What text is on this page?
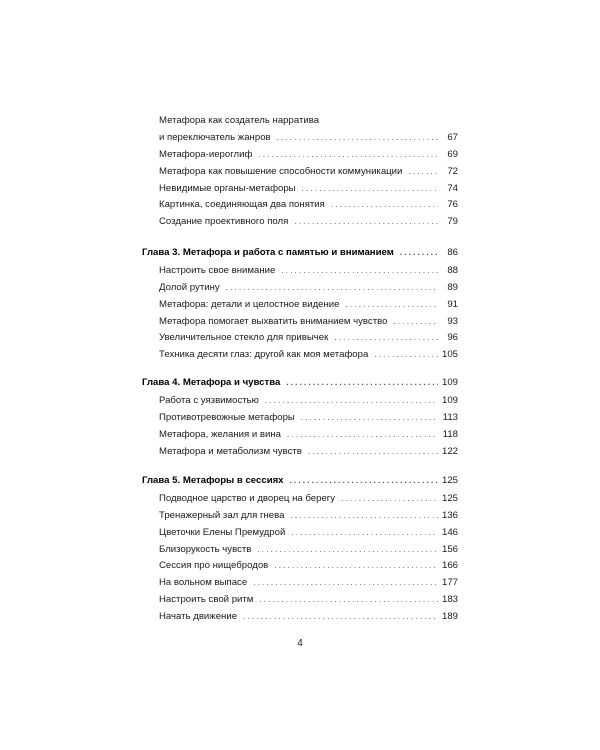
Метафора как создатель нарратива
и переключатель жанров .....	67
Метафора-иероглиф .....	69
Метафора как повышение способности коммуникации .....	72
Невидимые органы-метафоры .....	74
Картинка, соединяющая два понятия .....	76
Создание проективного поля .....	79
Глава 3. Метафора и работа с памятью и вниманием .....	86
Настроить свое внимание .....	88
Долой рутину .....	89
Метафора: детали и целостное видение .....	91
Метафора помогает выхватить вниманием чувство .....	93
Увеличительное стекло для привычек .....	96
Техника десяти глаз: другой как моя метафора .....	105
Глава 4. Метафора и чувства .....	109
Работа с уязвимостью .....	109
Противотревожные метафоры .....	113
Метафора, желания и вина .....	118
Метафора и метаболизм чувств .....	122
Глава 5. Метафоры в сессиях .....	125
Подводное царство и дворец на берегу .....	125
Тренажерный зал для гнева .....	136
Цветочки Елены Премудрой .....	146
Близорукость чувств .....	156
Сессия про нищебродов .....	166
На вольном выпасе .....	177
Настроить свой ритм .....	183
Начать движение .....	189
4
